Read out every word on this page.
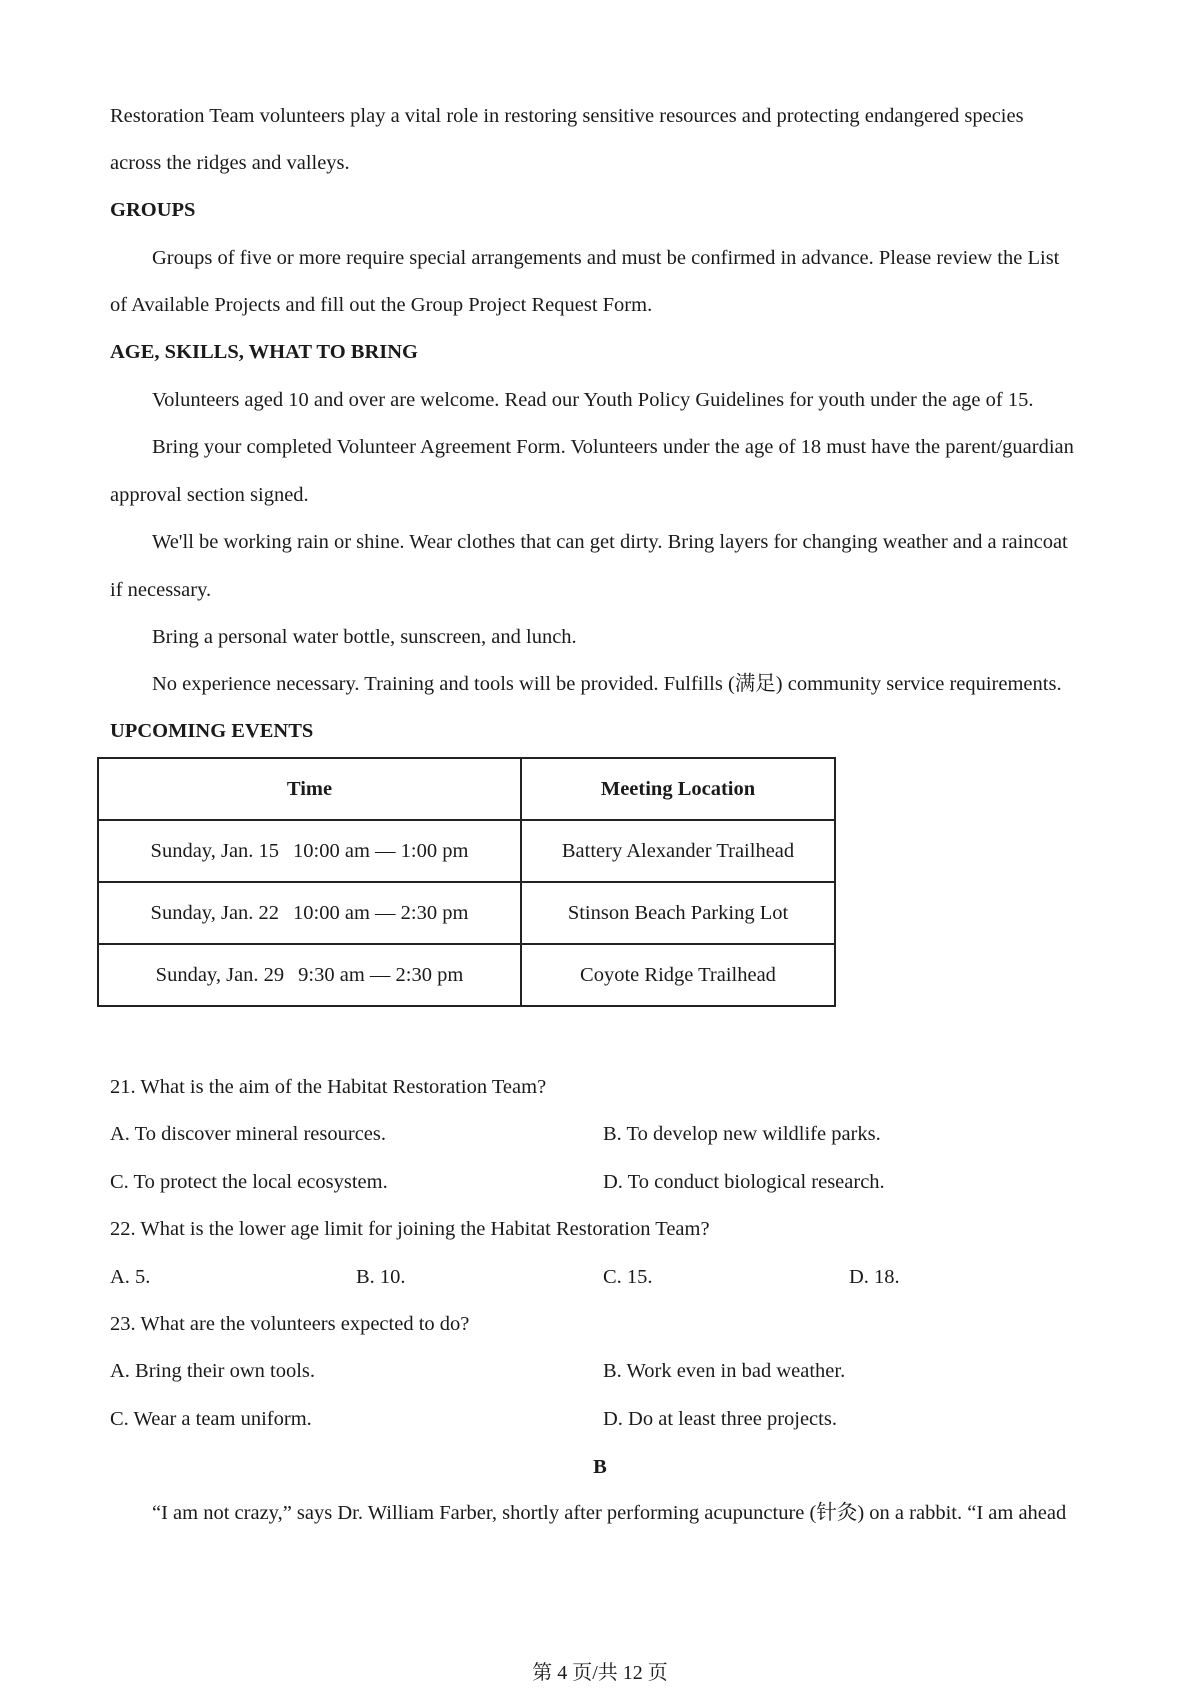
Restoration Team volunteers play a vital role in restoring sensitive resources and protecting endangered species
across the ridges and valleys.
GROUPS
Groups of five or more require special arrangements and must be confirmed in advance. Please review the List
of Available Projects and fill out the Group Project Request Form.
AGE, SKILLS, WHAT TO BRING
Volunteers aged 10 and over are welcome. Read our Youth Policy Guidelines for youth under the age of 15.
Bring your completed Volunteer Agreement Form. Volunteers under the age of 18 must have the parent/guardian
approval section signed.
We'll be working rain or shine. Wear clothes that can get dirty. Bring layers for changing weather and a raincoat
if necessary.
Bring a personal water bottle, sunscreen, and lunch.
No experience necessary. Training and tools will be provided. Fulfills (满足) community service requirements.
UPCOMING EVENTS
Time	Meeting Location
Sunday, Jan. 15 10:00 am — 1:00 pm	Battery Alexander Trailhead
Sunday, Jan. 22 10:00 am — 2:30 pm	Stinson Beach Parking Lot
Sunday, Jan. 29 9:30 am — 2:30 pm	Coyote Ridge Trailhead
21. What is the aim of the Habitat Restoration Team?
A. To discover mineral resources.	B. To develop new wildlife parks.
C. To protect the local ecosystem.	D. To conduct biological research.
22. What is the lower age limit for joining the Habitat Restoration Team?
A. 5.	B. 10.	C. 15.	D. 18.
23. What are the volunteers expected to do?
A. Bring their own tools.	B. Work even in bad weather.
C. Wear a team uniform.	D. Do at least three projects.
B
“I am not crazy,” says Dr. William Farber, shortly after performing acupuncture (针灸) on a rabbit. “I am ahead
第 4 页/共 12 页
